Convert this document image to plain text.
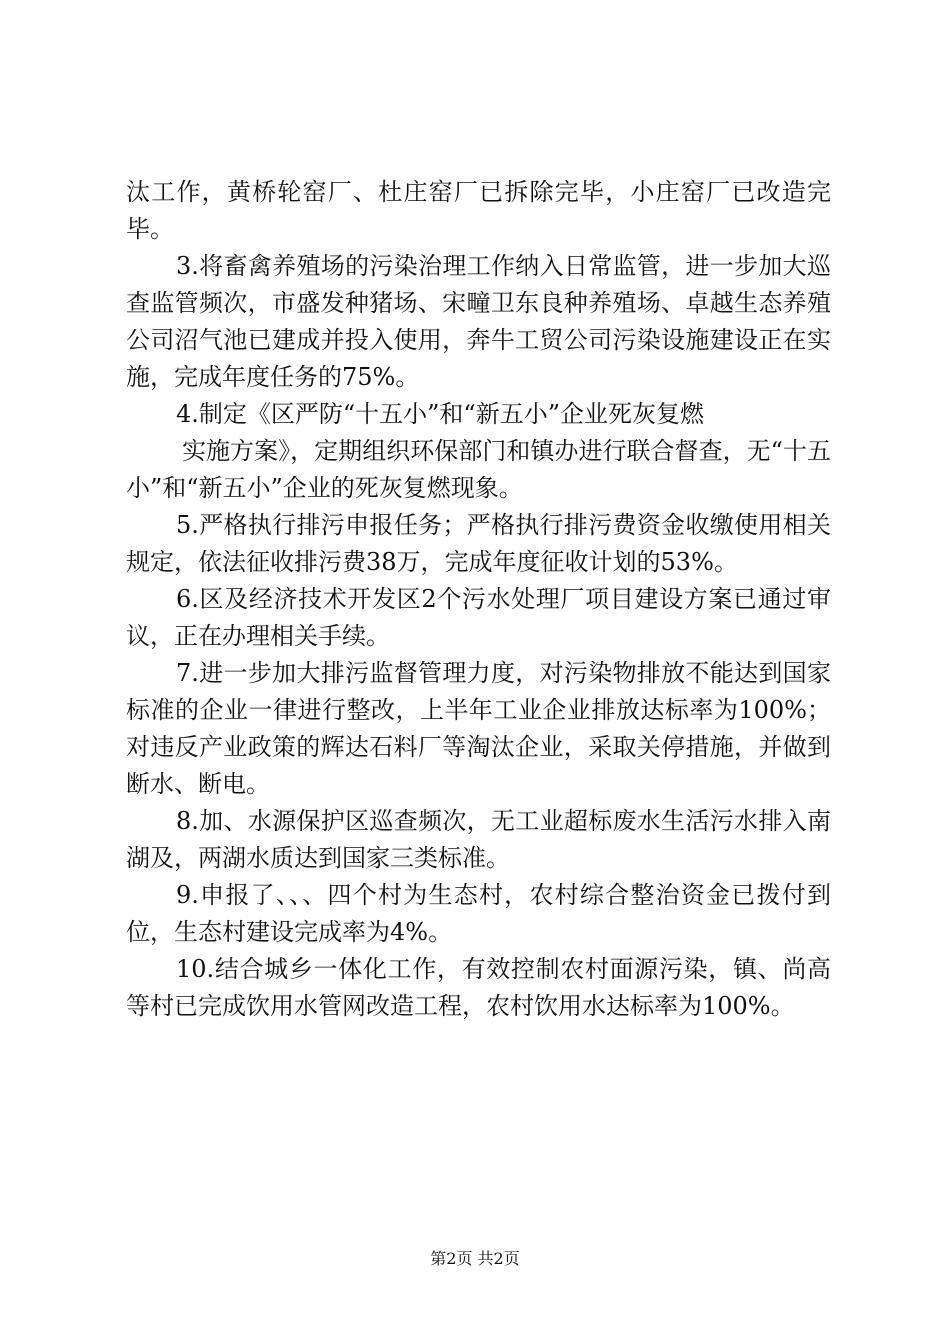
汰工作，黄桥轮窑厂、杜庄窑厂已拆除完毕，小庄窑厂已改造完毕。

3.将畜禽养殖场的污染治理工作纳入日常监管，进一步加大巡查监管频次，市盛发种猪场、宋疃卫东良种养殖场、卓越生态养殖公司沼气池已建成并投入使用，奔牛工贸公司污染设施建设正在实施，完成年度任务的75%。

4.制定《区严防“十五小”和“新五小”企业死灰复燃

实施方案》，定期组织环保部门和镇办进行联合督查，无“十五小”和“新五小”企业的死灰复燃现象。

5.严格执行排污申报任务；严格执行排污费资金收缴使用相关规定，依法征收排污费38万，完成年度征收计划的53%。

6.区及经济技术开发区2个污水处理厂项目建设方案已通过审议，正在办理相关手续。

7.进一步加大排污监督管理力度，对污染物排放不能达到国家标准的企业一律进行整改，上半年工业企业排放达标率为100%；对违反产业政策的辉达石料厂等淘汰企业，采取关停措施，并做到断水、断电。

8.加、水源保护区巡查频次，无工业超标废水生活污水排入南湖及，两湖水质达到国家三类标准。

9.申报了、、、四个村为生态村，农村综合整治资金已拨付到位，生态村建设完成率为4%。

10.结合城乡一体化工作，有效控制农村面源污染，镇、尚高等村已完成饮用水管网改造工程，农村饮用水达标率为100%。

第2页 共2页
